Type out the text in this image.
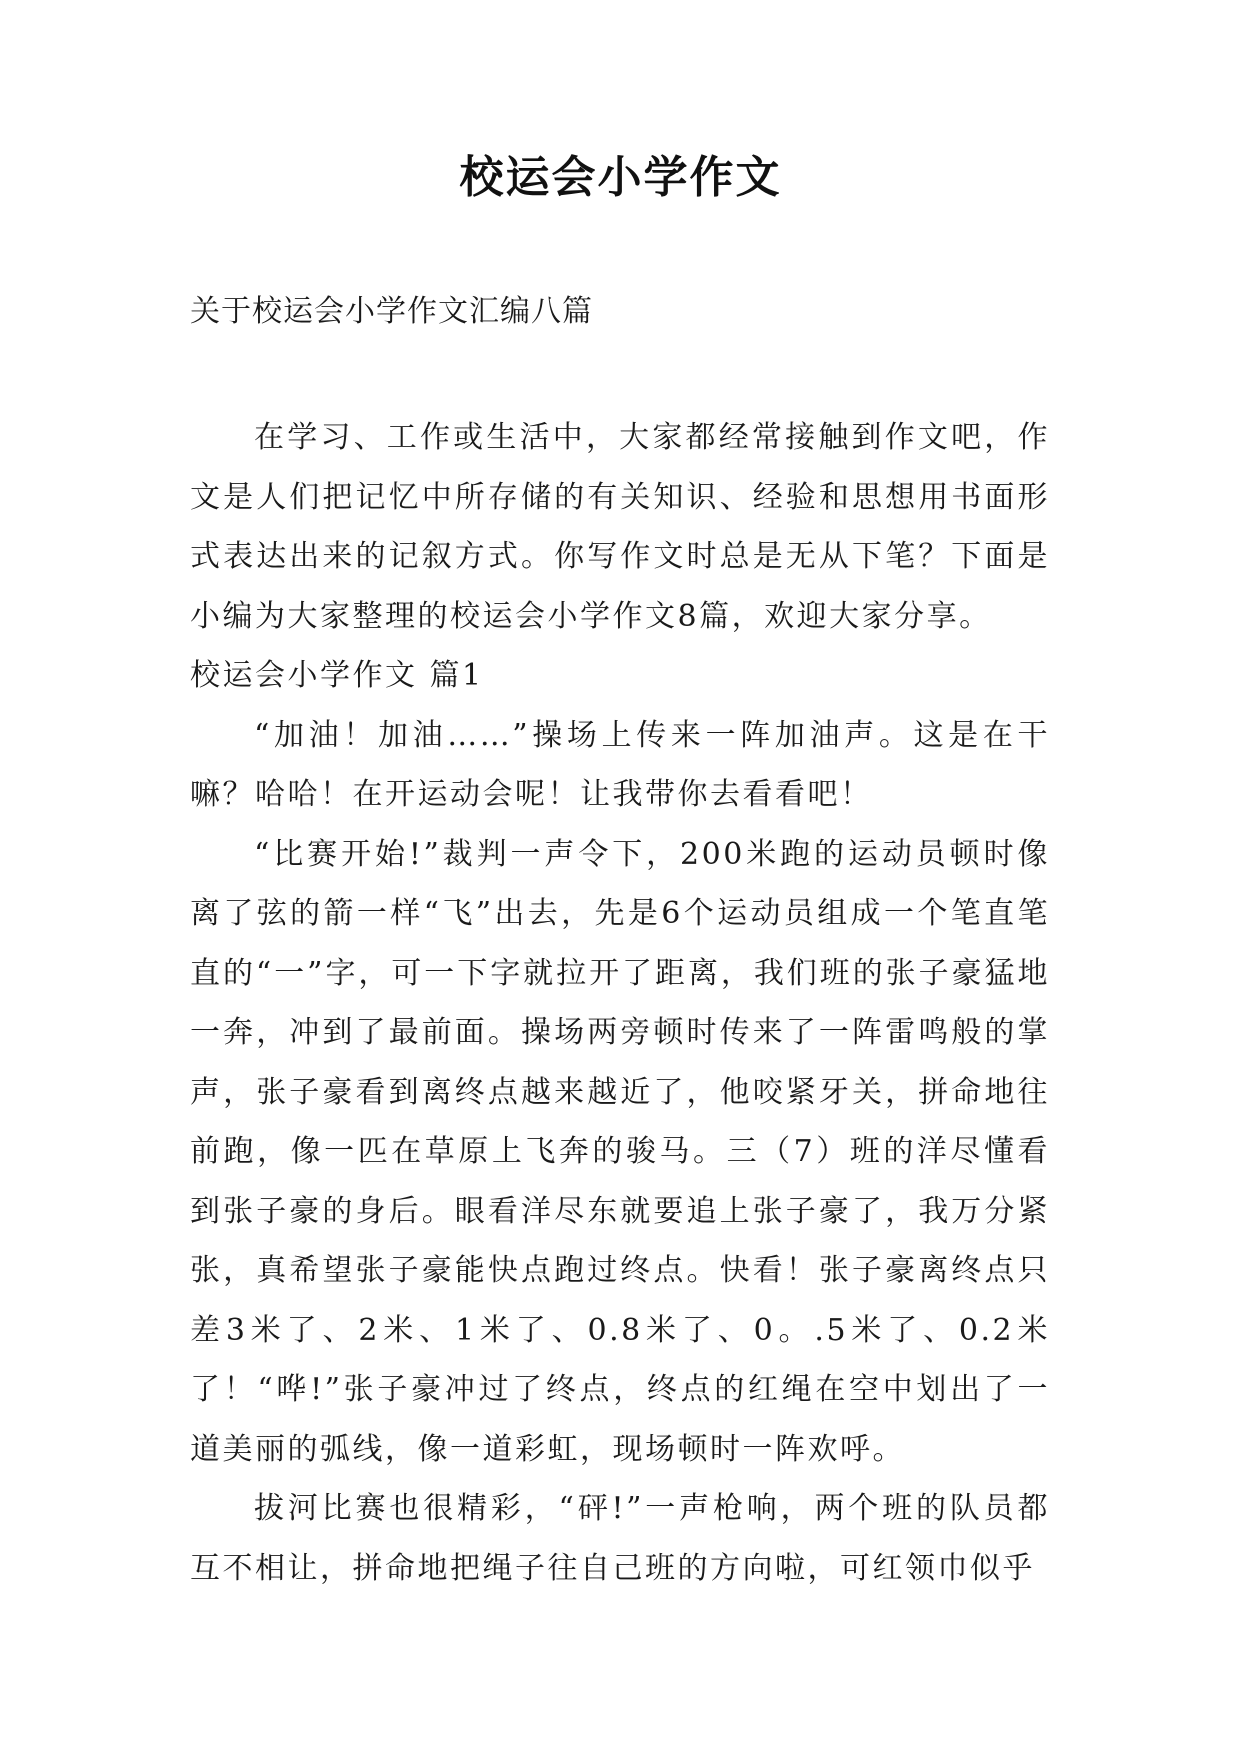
校运会小学作文
关于校运会小学作文汇编八篇

在学习、工作或生活中，大家都经常接触到作文吧，作文是人们把记忆中所存储的有关知识、经验和思想用书面形式表达出来的记叙方式。你写作文时总是无从下笔？下面是小编为大家整理的校运会小学作文8篇，欢迎大家分享。

校运会小学作文 篇1

“加油！加油……”操场上传来一阵加油声。这是在干嘛？哈哈！在开运动会呢！让我带你去看看吧！

“比赛开始!”裁判一声令下，200米跑的运动员顿时像离了弦的箭一样“飞”出去，先是6个运动员组成一个笔直笔直的“一”字，可一下字就拉开了距离，我们班的张子豪猛地一奔，冲到了最前面。操场两旁顿时传来了一阵雷鸣般的掌声，张子豪看到离终点越来越近了，他咬紧牙关，拼命地往前跑，像一匹在草原上飞奔的骏马。三（7）班的洋尽懂看到张子豪的身后。眼看洋尽东就要追上张子豪了，我万分紧张，真希望张子豪能快点跑过终点。快看！张子豪离终点只差3米了、2米、1米了、0.8米了、0。.5米了、0.2米了！“哗!”张子豪冲过了终点，终点的红绳在空中划出了一道美丽的弧线，像一道彩虹，现场顿时一阵欢呼。

拔河比赛也很精彩，“砰!”一声枪响，两个班的队员都互不相让，拼命地把绳子往自己班的方向啦，可红领巾似乎
